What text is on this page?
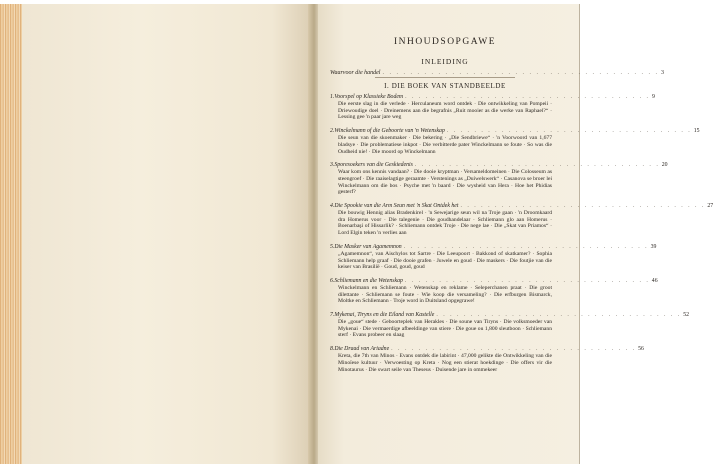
INHOUDSOPGAWE
INLEIDING
Waarvoor die handel . . . . . . . . . . . . . . . . . . . . . . . . . . . . . . . . . . . . . . . . 3
I. DIE BOEK VAN STANDBEELDE
1. Voorspel op Klassieke Bodem . . . . . . . . . . . . . . . . . . . . . . . . . . . . . . . . . . . . 9
Die eerste slag in die verlede · Herculaneum word ontdek · Die ontwikkeling van Pompeii · Driewoudige doel · Dreinemens aan die begrafnis „Ruit mooier as die werke van Raphael?“ · Lessing gee 'n paar jare weg
2. Winckelmann of die Geboorte van 'n Wetenskap . . . . . . . . . . . . . . . . . . . . . . . . . . . . . . . . . . . . 15
Die seun van die skoenmaker · Die bekering · „Die Sendbriewe“ · 'n Voorwoord van 1,677 bladsye · Die problematiese inkpot · Die verbitterde pater Winckelmann se foute · So was die Oudheid nie! · Die moord op Winckelmann
3. Sporesoekers van die Geskiedenis . . . . . . . . . . . . . . . . . . . . . . . . . . . . . . . . . . . . 20
Waar kom ons kennis vandaan? · Die dooie kryptman · Versameldomeinen · Die Colosseum as steengroef · Die raaiselagtige geraamte · Verstenings as „Duiwelswerk“ · Casanova se broer lei Winckelmann om die bos · Psyche met 'n baard · Die wysheid van Hera · Hoe het Phidias gesterf?
4. Die Spookie van die Arm Seun met 'n Skat Ontdek het . . . . . . . . . . . . . . . . . . . . . . . . . . . . . . . . . . . . 27
Die bouwig Hennig alias Bradenkirel · 'n Sewejarige seun wil na Troje gaan · 'n Droomkaard dra Homerus voor · Die talegenie · Die goudhandelaar · Schliemann glo aan Homerus · Boenarbaşi of Hissarlik? · Schliemann ontdek Troje · Die nege lae · Die „Skat van Priamos“ · Lord Elgin teken 'n verlies aan
5. Die Masker van Agamemnon . . . . . . . . . . . . . . . . . . . . . . . . . . . . . . . . . . . . 39
„Agamemnon“, van Aischylos tot Sartre · Die Leeupoort · Bakkond of skatkamer? · Sophia Schliemann help graaf · Die dooie grafen · Juwele en goud · Die maskers · Die foutjie van die keiser van Brasilië · Goud, goud, goud
6. Schliemann en die Wetenskap . . . . . . . . . . . . . . . . . . . . . . . . . . . . . . . . . . . . 46
Winckelmann en Schliemann · Wetenskap en reklame · Seleperchanen praat · Die groot dilettante · Schliemann se foute · Wie koop die versameling? · Die erfburgen Bismarck, Moltke en Schliemann · Troje word in Duitsland opgegrawe!
7. Mykenai, Tiryns en die Eiland van Kastelle . . . . . . . . . . . . . . . . . . . . . . . . . . . . . . . . . . . . 52
Die „goue“ stede · Geboorteplek van Herakles · Die soune van Tiryns · Die volksmoeder van Mykenai · Die vermaerdige afbeeldinge van stiere · Die goue ou 1,800 sleutboon · Schliemann sterf · Evans probeer en slaag
8. Die Draad van Ariadne . . . . . . . . . . . . . . . . . . . . . . . . . . . . . . . . . . . . 56
Kreta, die 7th van Minos · Evans ontdek die labirint · 47,000 gelikte die Ontwikkeling van die Minoïese kultuur · Verwoesting op Kreta · Nog een stierat hoekdinge · Die offers vir die Minotaurus · Die swart seile van Theseus · Duisende jare in ommekeer
